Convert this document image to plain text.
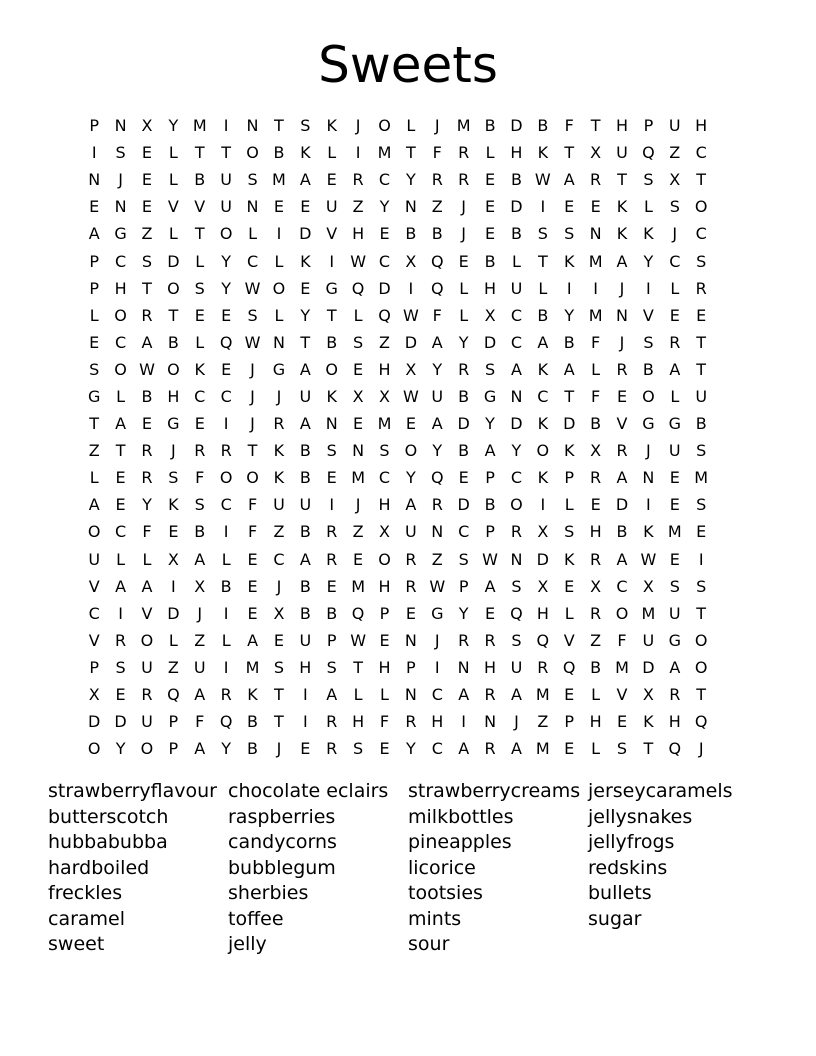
Sweets
P N X	Y M	I	N T	S	K	J	O L	J	M B D B	F	T H P U H
I	S	E	L	T	T O B K	L	I	M T	F	R	L H K	T	X U Q Z C
N	J	E	L	B U S M A E R C Y R R E B W A R T	S X	T
E N E V V U N E	E U Z	Y N Z	J	E D	I	E	E	K	L	S O
A G Z	L	T O L	I	D V H E B B	J	E B S	S N K K	J	C
P C S D L	Y C	L	K	I	W C X Q E B	L	T	K M A	Y C S
P H T O S	Y W O E G Q D	I	Q L H U	L	I	I	J	I	L	R
L O R T	E	E	S	L	Y	T	L Q W F	L	X C B	Y M N V E	E
E C A B	L Q W N T	B S Z D A	Y D C A B	F	J	S R T
S O W O K	E	J	G A O E H X	Y R S A K A	L	R B A	T
G L	B H C C	J	J	U K X X W U B G N C T	F	E O L	U
T	A E G E	I	J	R A N E M E A D Y D K D B V G G B
Z	T R	J	R R T	K B S N S O Y	B A	Y O K X R	J	U S
L	E R S	F O O K B E M C Y Q E	P C K	P	R A N E M
A E	Y	K	S C	F U U	I	J	H A R D B O	I	L	E D	I	E	S
O C	F	E B	I	F	Z B R Z X U N C P	R X S H B K M E
U	L	L	X A	L	E C A R E O R Z S W N D K R A W E	I
V A A	I	X B E	J	B E M H R W P	A S X E X C X S	S
C	I	V D	J	I	E X B B Q P	E G Y	E Q H L	R O M U T
V R O L	Z	L	A E U P W E N	J	R R S Q V Z	F U G O
P	S U Z U	I	M S H S	T H P	I	N H U R Q B M D A O
X E R Q A R K	T	I	A	L	L N C A R A M E	L	V X R T
D D U P	F Q B	T	I	R H F	R H	I	N	J	Z	P H E	K H Q
O Y O P	A	Y	B	J	E R S	E	Y C A R A M E	L	S	T Q	J
strawberryflavour
butterscotch
hubbabubba
hardboiled
freckles
caramel
sweet
chocolate eclairs
raspberries
candycorns
bubblegum
sherbies
toffee
jelly
strawberrycreams
milkbottles
pineapples
licorice
tootsies
mints
sour
jerseycaramels
jellysnakes
jellyfrogs
redskins
bullets
sugar
